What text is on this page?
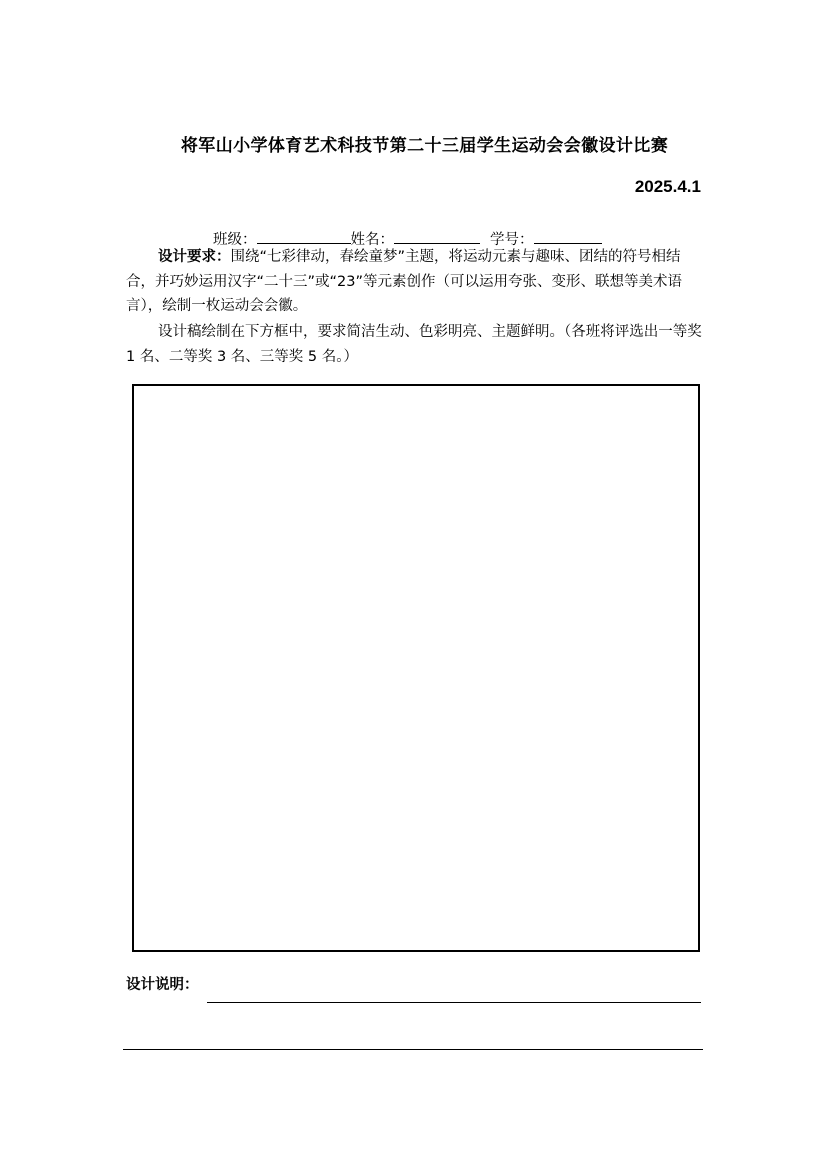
将军山小学体育艺术科技节第二十三届学生运动会会徽设计比赛
2025.4.1
班级：	姓名：	学号：
设计要求：围绕“七彩律动，春绘童梦”主题，将运动元素与趣味、团结的符号相结合，并巧妙运用汉字“二十三”或“23”等元素创作（可以运用夸张、变形、联想等美术语言），绘制一枚运动会会徽。
设计稿绘制在下方框中，要求简洁生动、色彩明亮、主题鲜明。（各班将评选出一等奖 1 名、二等奖 3 名、三等奖 5 名。）
设计说明：
